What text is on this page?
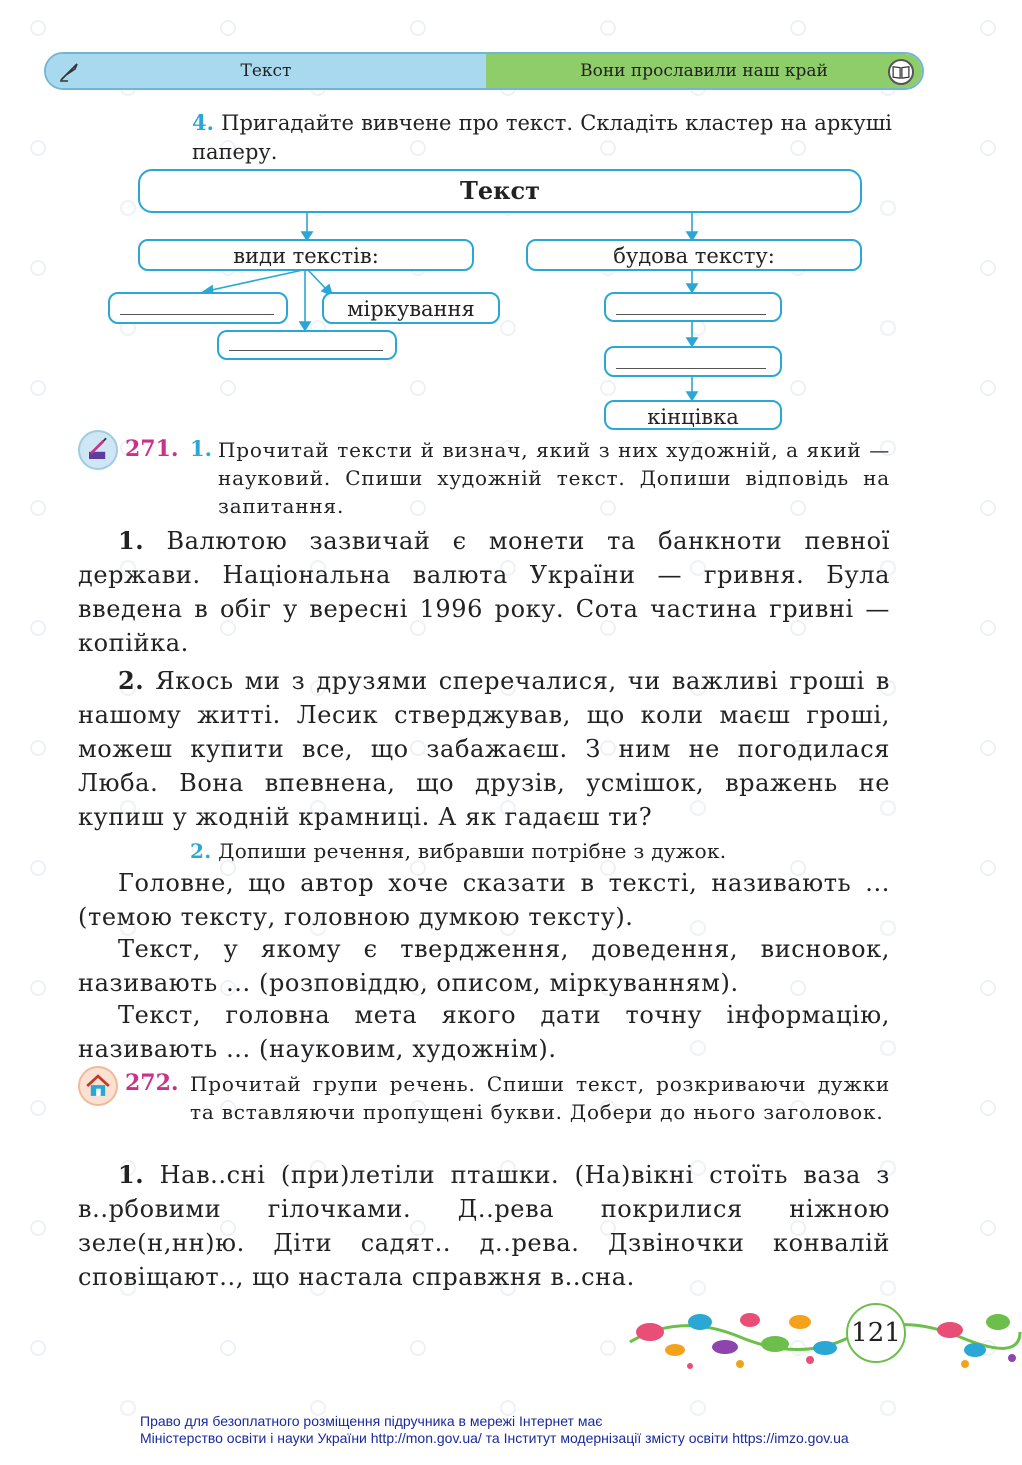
Текст	Вони прославили наш край
4. Пригадайте вивчене про текст. Складіть кластер на аркуші паперу.
Текст
види текстів:	будова тексту:
міркування
кінцівка
271. 1. Прочитай тексти й визнач, який з них художній, а який — науковий. Спиши художній текст. Допиши відповідь на запитання.
1. Валютою зазвичай є монети та банкноти певної держави. Національна валюта України — гривня. Була введена в обіг у вересні 1996 року. Сота частина гривні — копійка.
2. Якось ми з друзями сперечалися, чи важливі гроші в нашому житті. Лесик стверджував, що коли маєш гроші, можеш купити все, що забажаєш. З ним не погодилася Люба. Вона впевнена, що друзів, усмішок, вражень не купиш у жодній крамниці. А як гадаєш ти?
2. Допиши речення, вибравши потрібне з дужок.
Головне, що автор хоче сказати в тексті, називають ... (темою тексту, головною думкою тексту).
Текст, у якому є твердження, доведення, висновок, називають ... (розповіддю, описом, міркуванням).
Текст, головна мета якого дати точну інформацію, називають ... (науковим, художнім).
272. Прочитай групи речень. Спиши текст, розкриваючи дужки та вставляючи пропущені букви. Добери до нього заголовок.
1. Нав..сні (при)летіли пташки. (На)вікні стоїть ваза з в..рбовими гілочками. Д..рева покрилися ніжною зеле(н,нн)ю. Діти садят.. д..рева. Дзвіночки конвалій сповіщают.., що настала справжня в..сна.
121
Право для безоплатного розміщення підручника в мережі Інтернет має
Міністерство освіти і науки України http://mon.gov.ua/ та Інститут модернізації змісту освіти https://imzo.gov.ua
